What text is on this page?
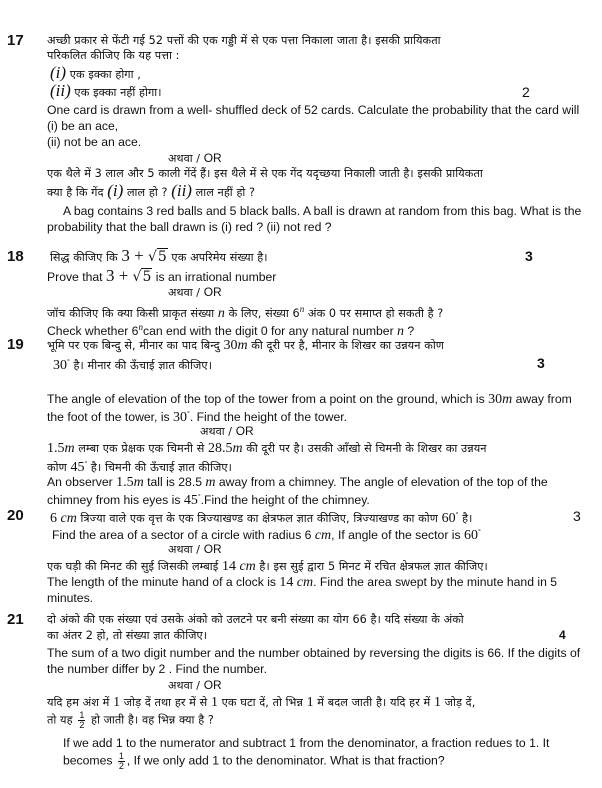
17 अच्छी प्रकार से फेंटी गई 52 पत्तों की एक गड्डी में से एक पत्ता निकाला जाता है। इसकी प्रायिकता
परिकलित कीजिए कि यह पत्ता :
(i) एक इक्का होगा ,
(ii) एक इक्का नहीं होगा।	2
One card is drawn from a well- shuffled deck of 52 cards. Calculate the probability that the card will
(i) be an ace,
(ii) not be an ace.
अथवा / OR
एक थैले में 3 लाल और 5 काली गेंदें हैं। इस थैले में से एक गेंद यदृच्छया निकाली जाती है। इसकी प्रायिकता
क्या है कि गेंद (i) लाल हो ? (ii) लाल नहीं हो ?
A bag contains 3 red balls and 5 black balls. A ball is drawn at random from this bag. What is the
probability that the ball drawn is (i) red ? (ii) not red ?
18 सिद्ध कीजिए कि 3 + √5 एक अपरिमेय संख्या है।	3
Prove that 3 + √5 is an irrational number
अथवा / OR
जॉच कीजिए कि क्या किसी प्राकृत संख्या n के लिए, संख्या 6$^n$ अंक 0 पर समाप्त हो सकती है ?
Check whether 6$^n$can end with the digit 0 for any natural number n ?
19 भूमि पर एक बिन्दु से, मीनार का पाद बिन्दु 30m की दूरी पर है, मीनार के शिखर का उन्नयन कोण
30° है। मीनार की ऊँचाई ज्ञात कीजिए।	3
The angle of elevation of the top of the tower from a point on the ground, which is 30m away from
the foot of the tower, is 30°. Find the height of the tower.
अथवा / OR
1.5m लम्बा एक प्रेक्षक एक चिमनी से 28.5m की दूरी पर है। उसकी आँखो से चिमनी के शिखर का उन्नयन
कोण 45° है। चिमनी की ऊँचाई ज्ञात कीजिए।
An observer 1.5m tall is 28.5 m away from a chimney. The angle of elevation of the top of the
chimney from his eyes is 45°.Find the height of the chimney.
20 6 cm त्रिज्या वाले एक वृत्त के एक त्रिज्याखण्ड का क्षेत्रफल ज्ञात कीजिए, त्रिज्याखण्ड का कोण 60° है।	3
Find the area of a sector of a circle with radius 6 cm, If angle of the sector is 60°
अथवा / OR
एक घड़ी की मिनट की सुई जिसकी लम्बाई 14 cm है। इस सुई द्वारा 5 मिनट में रचित क्षेत्रफल ज्ञात कीजिए।
The length of the minute hand of a clock is 14 cm. Find the area swept by the minute hand in 5
minutes.
21 दो अंको की एक संख्या एवं उसके अंको को उलटने पर बनी संख्या का योग 66 है। यदि संख्या के अंको
का अंतर 2 हो, तो संख्या ज्ञात कीजिए।	4
The sum of a two digit number and the number obtained by reversing the digits is 66. If the digits of
the number differ by 2 . Find the number.
अथवा / OR
यदि हम अंश में 1 जोड़ दें तथा हर में से 1 एक घटा दें, तो भिन्न 1 में बदल जाती है। यदि हर में 1 जोड़ दें,
तो यह $\frac{1}{2}$ हो जाती है। वह भिन्न क्या है ?
If we add 1 to the numerator and subtract 1 from the denominator, a fraction redues to 1. It
becomes $\frac{1}{2}$ , If we only add 1 to the denominator. What is that fraction?
